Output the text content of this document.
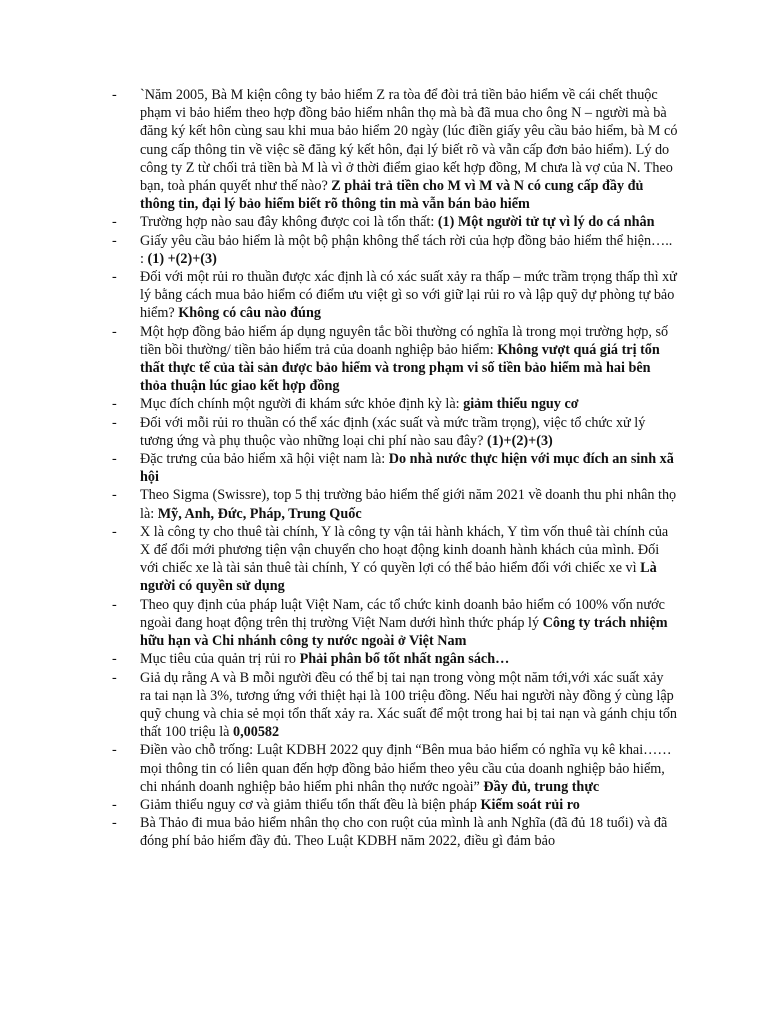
- `Năm 2005, Bà M kiện công ty bảo hiểm Z ra tòa để đòi trả tiền bảo hiểm về cái chết thuộc phạm vi bảo hiểm theo hợp đồng bảo hiểm nhân thọ mà bà đã mua cho ông N – người mà bà đăng ký kết hôn cùng sau khi mua bảo hiểm 20 ngày (lúc điền giấy yêu cầu bảo hiểm, bà M có cung cấp thông tin về việc sẽ đăng ký kết hôn, đại lý biết rõ và vẫn cấp đơn bảo hiểm). Lý do công ty Z từ chối trả tiền bà M là vì ở thời điểm giao kết hợp đồng, M chưa là vợ của N. Theo bạn, toà phán quyết như thế nào? Z phải trả tiền cho M vì M và N có cung cấp đầy đủ thông tin, đại lý bảo hiểm biết rõ thông tin mà vẫn bán bảo hiểm
- Trường hợp nào sau đây không được coi là tổn thất: (1) Một người tử tự vì lý do cá nhân
- Giấy yêu cầu bảo hiểm là một bộ phận không thể tách rời của hợp đồng bảo hiểm thể hiện….. : (1) +(2)+(3)
- Đối với một rủi ro thuần được xác định là có xác suất xảy ra thấp – mức trầm trọng thấp thì xử lý bằng cách mua bảo hiểm có điểm ưu việt gì so với giữ lại rủi ro và lập quỹ dự phòng tự bảo hiểm? Không có câu nào đúng
- Một hợp đồng bảo hiểm áp dụng nguyên tắc bồi thường có nghĩa là trong mọi trường hợp, số tiền bồi thường/ tiền bảo hiểm trả của doanh nghiệp bảo hiểm: Không vượt quá giá trị tổn thất thực tế của tài sản được bảo hiểm và trong phạm vi số tiền bảo hiểm mà hai bên thỏa thuận lúc giao kết hợp đồng
- Mục đích chính một người đi khám sức khỏe định kỳ là: giảm thiểu nguy cơ
- Đối với mỗi rủi ro thuần có thể xác định (xác suất và mức trầm trọng), việc tổ chức xử lý tương ứng và phụ thuộc vào những loại chi phí nào sau đây? (1)+(2)+(3)
- Đặc trưng của bảo hiểm xã hội việt nam là: Do nhà nước thực hiện với mục đích an sinh xã hội
- Theo Sigma (Swissre), top 5 thị trường bảo hiểm thế giới năm 2021 về doanh thu phi nhân thọ là: Mỹ, Anh, Đức, Pháp, Trung Quốc
- X là công ty cho thuê tài chính, Y là công ty vận tải hành khách, Y tìm vốn thuê tài chính của X để đổi mới phương tiện vận chuyển cho hoạt động kinh doanh hành khách của mình. Đối với chiếc xe là tài sản thuê tài chính, Y có quyền lợi có thể bảo hiểm đối với chiếc xe vì Là người có quyền sử dụng
- Theo quy định của pháp luật Việt Nam, các tổ chức kinh doanh bảo hiểm có 100% vốn nước ngoài đang hoạt động trên thị trường Việt Nam dưới hình thức pháp lý Công ty trách nhiệm hữu hạn và Chi nhánh công ty nước ngoài ở Việt Nam
- Mục tiêu của quản trị rủi ro Phải phân bổ tốt nhất ngân sách…
- Giả dụ rằng A và B mỗi người đều có thể bị tai nạn trong vòng một năm tới,với xác suất xảy ra tai nạn là 3%, tương ứng với thiệt hại là 100 triệu đồng. Nếu hai người này đồng ý cùng lập quỹ chung và chia sẻ mọi tổn thất xảy ra. Xác suất để một trong hai bị tai nạn và gánh chịu tổn thất 100 triệu là 0,00582
- Điền vào chỗ trống: Luật KDBH 2022 quy định “Bên mua bảo hiểm có nghĩa vụ kê khai…… mọi thông tin có liên quan đến hợp đồng bảo hiểm theo yêu cầu của doanh nghiệp bảo hiểm, chi nhánh doanh nghiệp bảo hiểm phi nhân thọ nước ngoài” Đầy đủ, trung thực
- Giảm thiểu nguy cơ và giảm thiểu tổn thất đều là biện pháp Kiểm soát rủi ro
- Bà Thảo đi mua bảo hiểm nhân thọ cho con ruột của mình là anh Nghĩa (đã đủ 18 tuổi) và đã đóng phí bảo hiểm đầy đủ. Theo Luật KDBH năm 2022, điều gì đảm bảo
